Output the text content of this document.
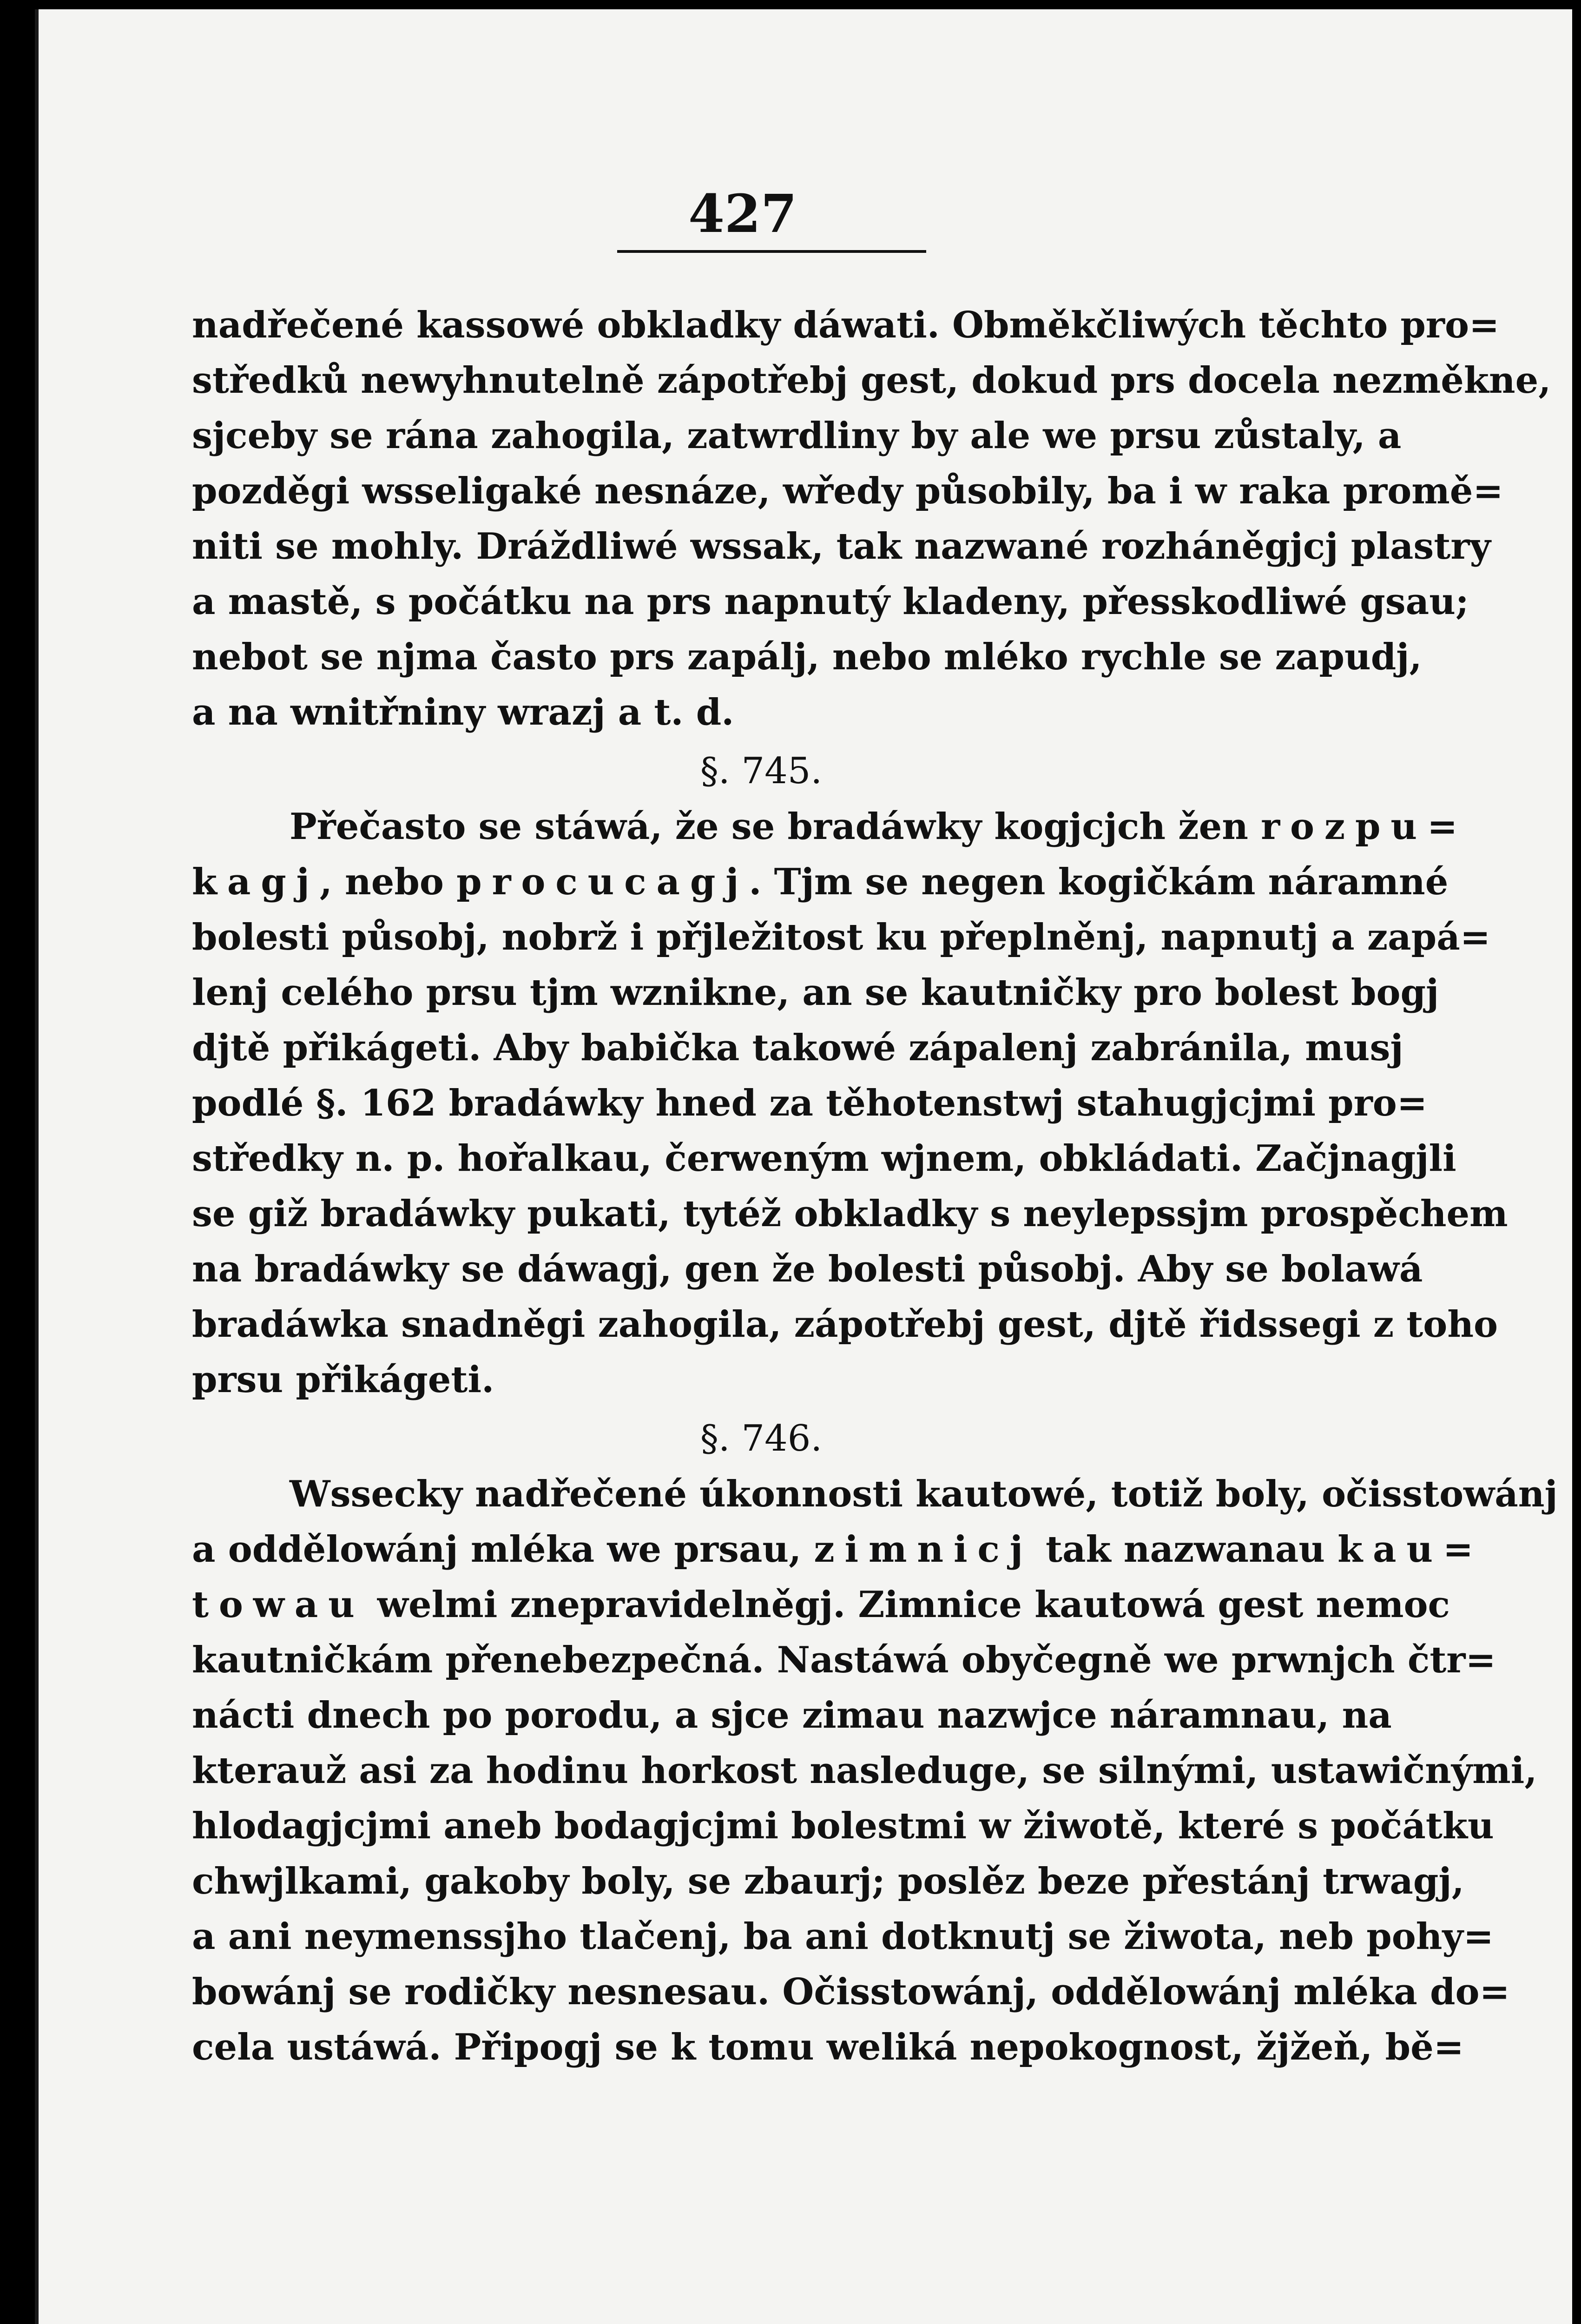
427
nadřečené kassowé obkladky dáwati. Obměkčliwých těchto pro=
středků newyhnutelně zápotřebj gest, dokud prs docela nezměkne,
sjceby se rána zahogila, zatwrdliny by ale we prsu zůstaly, a
pozděgi wsseligaké nesnáze, wředy působily, ba i w raka promě=
niti se mohly. Dráždliwé wssak, tak nazwané rozháněgjcj plastry
a mastě, s počátku na prs napnutý kladeny, přesskodliwé gsau;
nebot se njma často prs zapálj, nebo mléko rychle se zapudj,
a na wnitřniny wrazj a t. d.
§. 745.
Přečasto se stáwá, že se bradáwky kogjcjch žen rozpu=
kagj, nebo procucagj. Tjm se negen kogičkám náramné
bolesti působj, nobrž i přjležitost ku přeplněnj, napnutj a zapá=
lenj celého prsu tjm wznikne, an se kautničky pro bolest bogj
djtě přikágeti. Aby babička takowé zápalenj zabránila, musj
podlé §. 162 bradáwky hned za těhotenstwj stahugjcjmi pro=
středky n. p. hořalkau, čerweným wjnem, obkládati. Začjnagjli
se giž bradáwky pukati, tytéž obkladky s neylepssjm prospěchem
na bradáwky se dáwagj, gen že bolesti působj. Aby se bolawá
bradáwka snadněgi zahogila, zápotřebj gest, djtě řidssegi z toho
prsu přikágeti.
§. 746.
Wssecky nadřečené úkonnosti kautowé, totiž boly, očisstowánj
a oddělowánj mléka we prsau, zimnicj tak nazwanau kau=
towau welmi znepravidelněgj. Zimnice kautowá gest nemoc
kautničkám přenebezpečná. Nastáwá obyčegně we prwnjch čtr=
nácti dnech po porodu, a sjce zimau nazwjce náramnau, na
kterauž asi za hodinu horkost nasleduge, se silnými, ustawičnými,
hlodagjcjmi aneb bodagjcjmi bolestmi w žiwotě, které s počátku
chwjlkami, gakoby boly, se zbaurj; poslěz beze přestánj trwagj,
a ani neymenssjho tlačenj, ba ani dotknutj se žiwota, neb pohy=
bowánj se rodičky nesnesau. Očisstowánj, oddělowánj mléka do=
cela ustáwá. Připogj se k tomu weliká nepokognost, žjžeň, bě=
